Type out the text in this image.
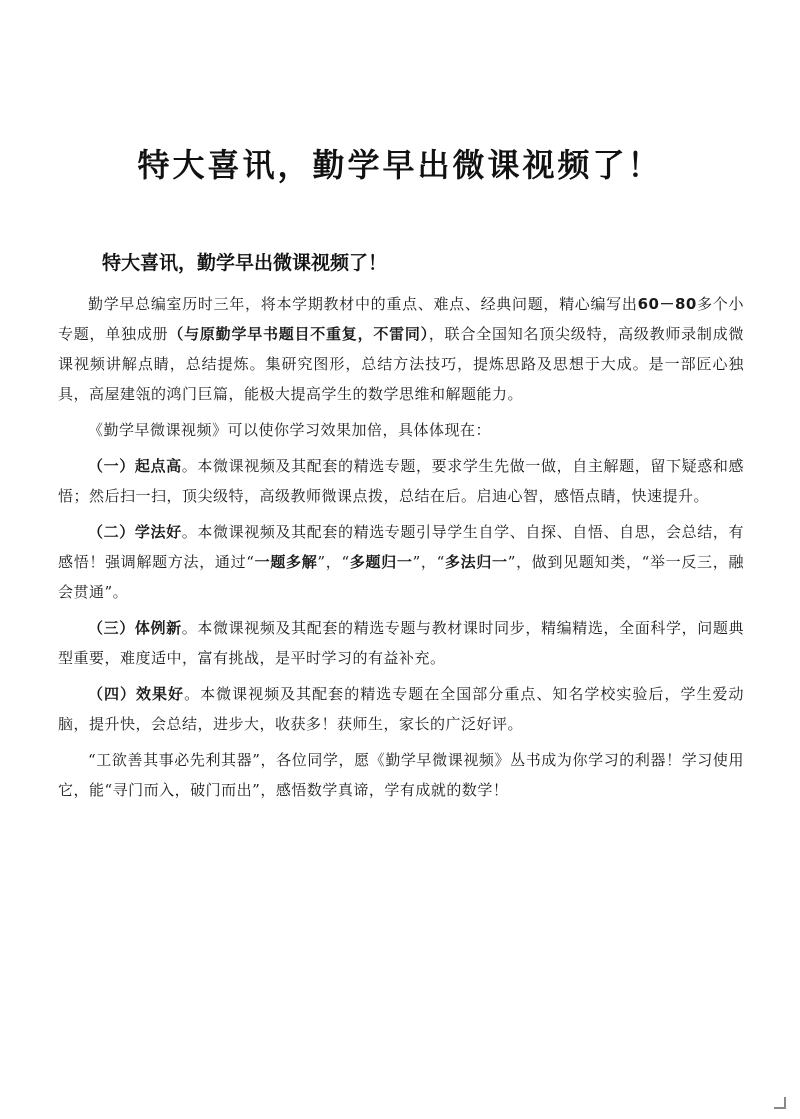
特大喜讯，勤学早出微课视频了！
特大喜讯，勤学早出微课视频了！

勤学早总编室历时三年，将本学期教材中的重点、难点、经典问题，精心编写出60－80多个小专题，单独成册（与原勤学早书题目不重复，不雷同），联合全国知名顶尖级特，高级教师录制成微课视频讲解点睛，总结提炼。集研究图形，总结方法技巧，提炼思路及思想于大成。是一部匠心独具，高屋建瓴的鸿门巨篇，能极大提高学生的数学思维和解题能力。

《勤学早微课视频》可以使你学习效果加倍，具体体现在：

（一）起点高。本微课视频及其配套的精选专题，要求学生先做一做，自主解题，留下疑惑和感悟；然后扫一扫，顶尖级特，高级教师微课点拨，总结在后。启迪心智，感悟点睛，快速提升。

（二）学法好。本微课视频及其配套的精选专题引导学生自学、自探、自悟、自思，会总结，有感悟！强调解题方法，通过“一题多解”，“多题归一”，“多法归一”，做到见题知类，“举一反三，融会贯通”。

（三）体例新。本微课视频及其配套的精选专题与教材课时同步，精编精选，全面科学，问题典型重要，难度适中，富有挑战，是平时学习的有益补充。

（四）效果好。本微课视频及其配套的精选专题在全国部分重点、知名学校实验后，学生爱动脑，提升快，会总结，进步大，收获多！获师生，家长的广泛好评。

“工欲善其事必先利其器”，各位同学，愿《勤学早微课视频》丛书成为你学习的利器！学习使用它，能“寻门而入，破门而出”，感悟数学真谛，学有成就的数学！
